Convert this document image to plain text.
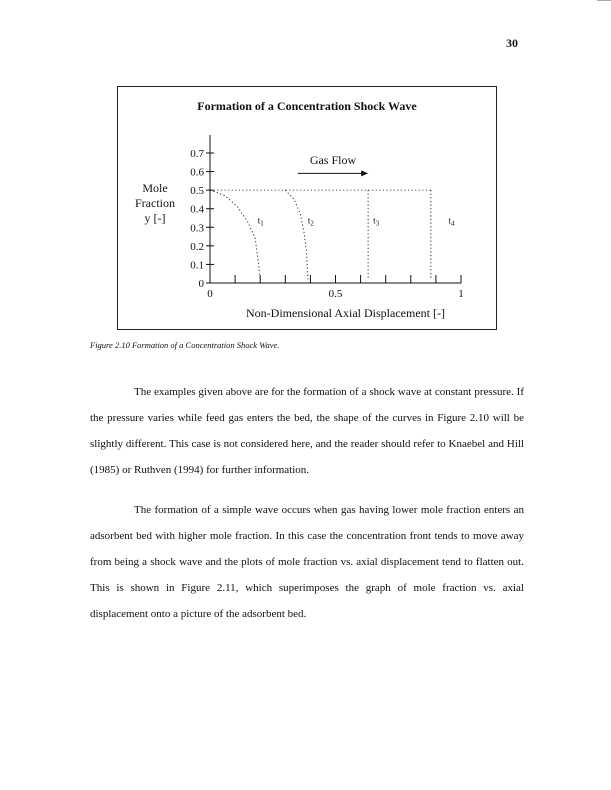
30
Formation of a Concentration Shock Wave
0
0.1
0.2
0.3
0.4
0.5
0.6
0.7
0	0.5	1
Non-Dimensional Axial Displacement [-]
Mole
Fraction
y [-]	$t_1$	$t_2$	$t_3$	$t_4$
Gas Flow
Figure 2.10 Formation of a Concentration Shock Wave.

The examples given above are for the formation of a shock wave at constant pressure. If the pressure varies while feed gas enters the bed, the shape of the curves in Figure 2.10 will be slightly different. This case is not considered here, and the reader should refer to Knaebel and Hill (1985) or Ruthven (1994) for further information.

The formation of a simple wave occurs when gas having lower mole fraction enters an adsorbent bed with higher mole fraction. In this case the concentration front tends to move away from being a shock wave and the plots of mole fraction vs. axial displacement tend to flatten out. This is shown in Figure 2.11, which superimposes the graph of mole fraction vs. axial displacement onto a picture of the adsorbent bed.
